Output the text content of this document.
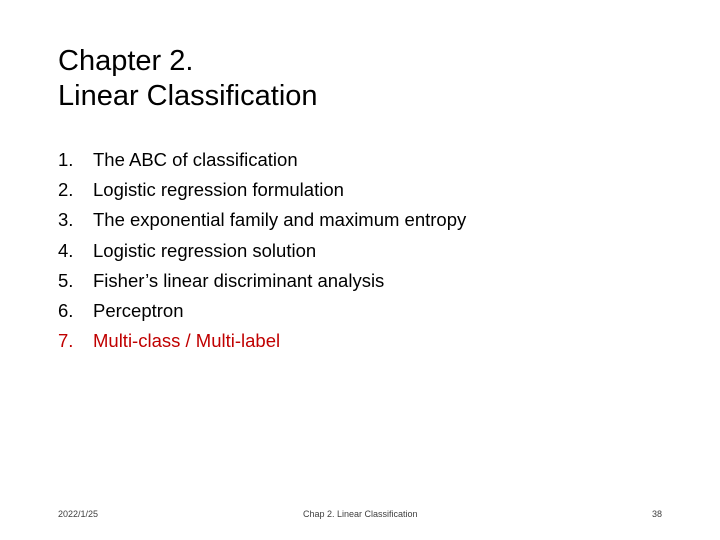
Chapter 2.
Linear Classification
1.	The ABC of classification
2.	Logistic regression formulation
3.	The exponential family and maximum entropy
4.	Logistic regression solution
5.	Fisher’s linear discriminant analysis
6.	Perceptron
7.	Multi-class / Multi-label
2022/1/25	Chap 2. Linear Classification	38
